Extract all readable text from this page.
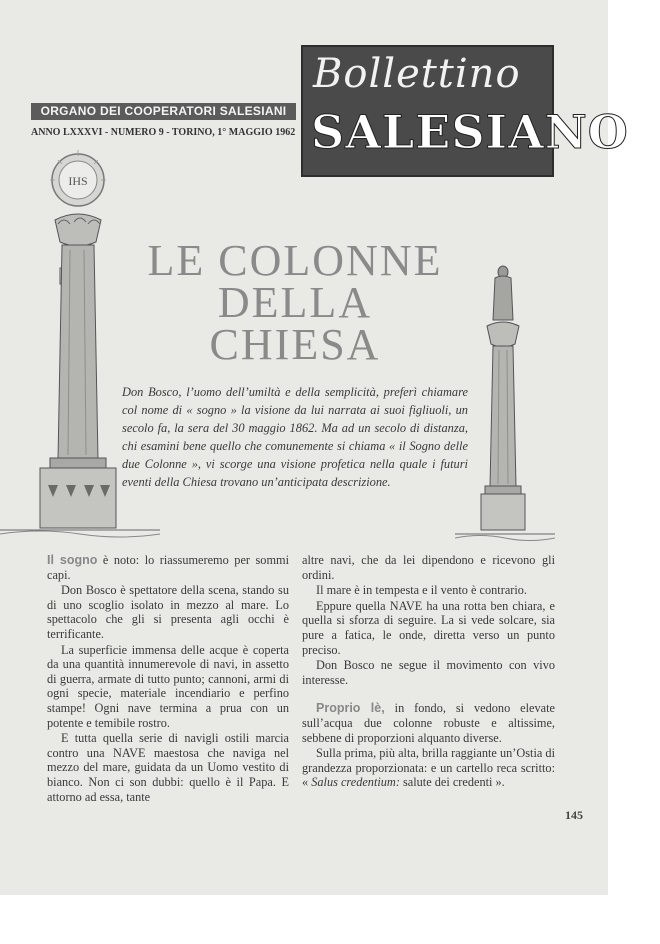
Bollettino
SALESIANO
ORGANO DEI COOPERATORI SALESIANI
ANNO LXXXVI - NUMERO 9 - TORINO, 1° MAGGIO 1962
IHS
LE COLONNE
DELLA
CHIESA
Don Bosco, l’uomo dell’umiltà e della semplicità, preferì chiamare col nome di « sogno » la visione da lui narrata ai suoi figliuoli, un secolo fa, la sera del 30 maggio 1862. Ma ad un secolo di distanza, chi esamini bene quello che comunemente si chiama « il Sogno delle due Colonne », vi scorge una visione profetica nella quale i futuri eventi della Chiesa trovano un’anticipata descrizione.

Il sogno è noto: lo riassumeremo per sommi capi.

Don Bosco è spettatore della scena, stando su di uno scoglio isolato in mezzo al mare. Lo spettacolo che gli si presenta agli occhi è terrificante.

La superficie immensa delle acque è coperta da una quantità innumerevole di navi, in assetto di guerra, armate di tutto punto; cannoni, armi di ogni specie, materiale incendiario e perfino stampe! Ogni nave termina a prua con un potente e temibile rostro.

E tutta quella serie di navigli ostili marcia contro una NAVE maestosa che naviga nel mezzo del mare, guidata da un Uomo vestito di bianco. Non ci son dubbi: quello è il Papa. E attorno ad essa, tante

altre navi, che da lei dipendono e ricevono gli ordini.

Il mare è in tempesta e il vento è contrario.

Eppure quella NAVE ha una rotta ben chiara, e quella si sforza di seguire. La si vede solcare, sia pure a fatica, le onde, diretta verso un punto preciso.

Don Bosco ne segue il movimento con vivo interesse.

Proprio lè, in fondo, si vedono elevate sull’acqua due colonne robuste e altissime, sebbene di proporzioni alquanto diverse.

Sulla prima, più alta, brilla raggiante un’Ostia di grandezza proporzionata: e un cartello reca scritto: « Salus credentium: salute dei credenti ».

145
